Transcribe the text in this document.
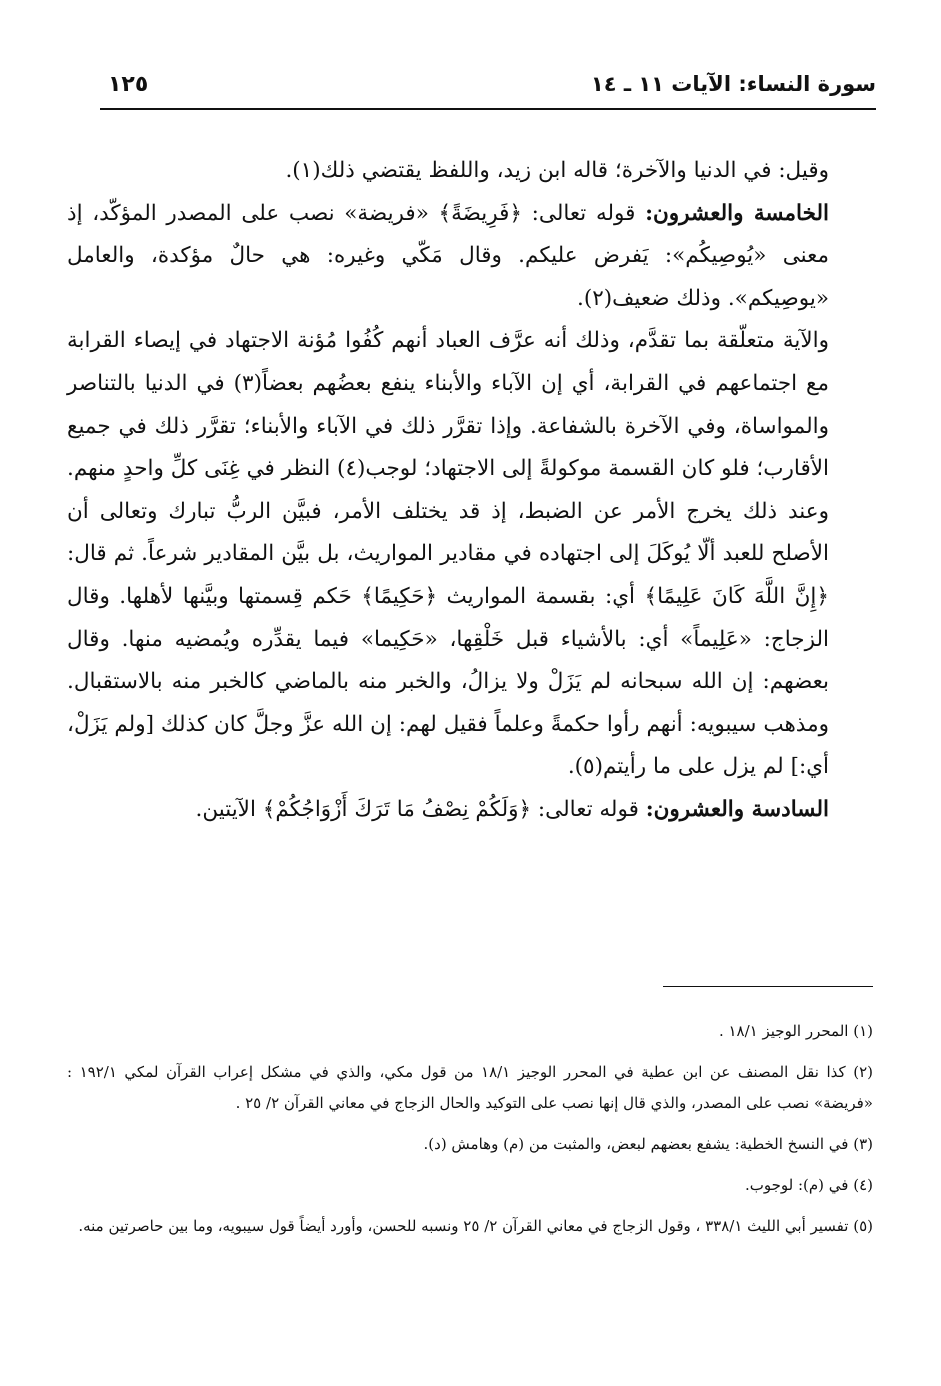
سورة النساء: الآيات ١١ ـ ١٤
١٢٥

وقيل: في الدنيا والآخرة؛ قاله ابن زيد، واللفظ يقتضي ذلك(١).

الخامسة والعشرون: قوله تعالى: ﴿فَرِيضَةً﴾ «فريضة» نصب على المصدر المؤكّد، إذ معنى «يُوصِيكُم»: يَفرض عليكم. وقال مَكّي وغيره: هي حالٌ مؤكدة، والعامل «يوصِيكم». وذلك ضعيف(٢).

والآية متعلّقة بما تقدَّم، وذلك أنه عرَّف العباد أنهم كُفُوا مُؤنة الاجتهاد في إيصاء القرابة مع اجتماعهم في القرابة، أي إن الآباء والأبناء ينفع بعضُهم بعضاً(٣) في الدنيا بالتناصر والمواساة، وفي الآخرة بالشفاعة. وإذا تقرَّر ذلك في الآباء والأبناء؛ تقرَّر ذلك في جميع الأقارب؛ فلو كان القسمة موكولةً إلى الاجتهاد؛ لوجب(٤) النظر في غِنَى كلِّ واحدٍ منهم. وعند ذلك يخرج الأمر عن الضبط، إذ قد يختلف الأمر، فبيَّن الربُّ تبارك وتعالى أن الأصلح للعبد ألّا يُوكَلَ إلى اجتهاده في مقادير المواريث، بل بيَّن المقادير شرعاً. ثم قال: ﴿إِنَّ اللَّهَ كَانَ عَلِيمًا﴾ أي: بقسمة المواريث ﴿حَكِيمًا﴾ حَكم قِسمتها وبيَّنها لأهلها. وقال الزجاج: «عَلِيماً» أي: بالأشياء قبل خَلْقِها، «حَكِيما» فيما يقدِّره ويُمضيه منها. وقال بعضهم: إن الله سبحانه لم يَزَلْ ولا يزالُ، والخبر منه بالماضي كالخبر منه بالاستقبال. ومذهب سيبويه: أنهم رأوا حكمةً وعلماً فقيل لهم: إن الله عزَّ وجلَّ كان كذلك [ولم يَزَلْ، أي:] لم يزل على ما رأيتم(٥).

السادسة والعشرون: قوله تعالى: ﴿وَلَكُمْ نِصْفُ مَا تَرَكَ أَزْوَاجُكُمْ﴾ الآيتين.

(١) المحرر الوجيز ١٨/١ .

(٢) كذا نقل المصنف عن ابن عطية في المحرر الوجيز ١٨/١ من قول مكي، والذي في مشكل إعراب القرآن لمكي ١٩٢/١ : «فريضة» نصب على المصدر، والذي قال إنها نصب على التوكيد والحال الزجاج في معاني القرآن ٢/ ٢٥ .

(٣) في النسخ الخطية: يشفع بعضهم لبعض، والمثبت من (م) وهامش (د).

(٤) في (م): لوجوب.

(٥) تفسير أبي الليث ٣٣٨/١ ، وقول الزجاج في معاني القرآن ٢/ ٢٥ ونسبه للحسن، وأورد أيضاً قول سيبويه، وما بين حاصرتين منه.
